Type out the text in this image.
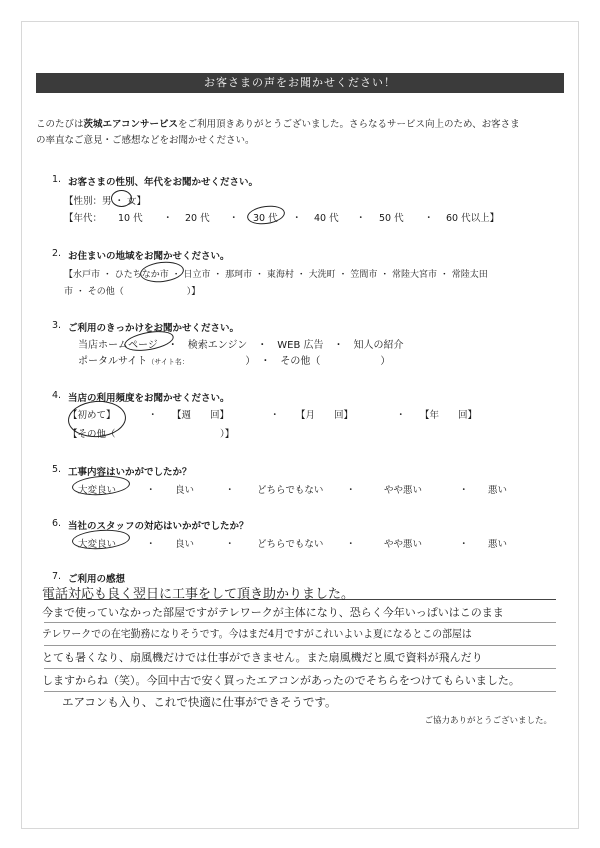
お客さまの声をお聞かせください！
このたびは茨城エアコンサービスをご利用頂きありがとうございました。さらなるサービス向上のため、お客さま
の率直なご意見・ご感想などをお聞かせください。
1. お客さまの性別、年代をお聞かせください。
【性別：男 ・ 女】
【年代： 10 代 ・ 20 代 ・ 30 代 ・ 40 代 ・ 50 代 ・ 60 代以上】
2. お住まいの地域をお聞かせください。
【水戸市 ・ ひたちなか市 ・ 日立市 ・ 那珂市 ・ 東海村 ・ 大洗町 ・ 笠間市 ・ 常陸大宮市 ・ 常陸太田
市 ・ その他（　　　　　　　）】
3. ご利用のきっかけをお聞かせください。
当店ホームページ　・　検索エンジン　・　WEB 広告　・　知人の紹介
ポータルサイト（サイト名：　　　　　　）　・　その他（　　　　　　）
4. 当店の利用頻度をお聞かせください。
【初めて】	・ 【週　　回】	・ 【月　　回】	・ 【年　　回】
【その他（　　　　　　　　　　　）】
5. 工事内容はいかがでしたか？
大変良い	・ 良い	・ どちらでもない ・	やや悪い	・ 悪い
6. 当社のスタッフの対応はいかがでしたか？
大変良い	・ 良い	・ どちらでもない ・	やや悪い	・ 悪い
7. ご利用の感想
電話対応も良く翌日に工事をして頂き助かりました。
今まで使っていなかった部屋ですがテレワークが主体になり、恐らく今年いっぱいはこのまま
テレワークでの在宅勤務になりそうです。今はまだ4月ですがこれいよいよ夏になるとこの部屋は
とても暑くなり、扇風機だけでは仕事ができません。また扇風機だと風で資料が飛んだり
しますからね（笑）。今回中古で安く買ったエアコンがあったのでそちらをつけてもらいました。
エアコンも入り、これで快適に仕事ができそうです。
ご協力ありがとうございました。
